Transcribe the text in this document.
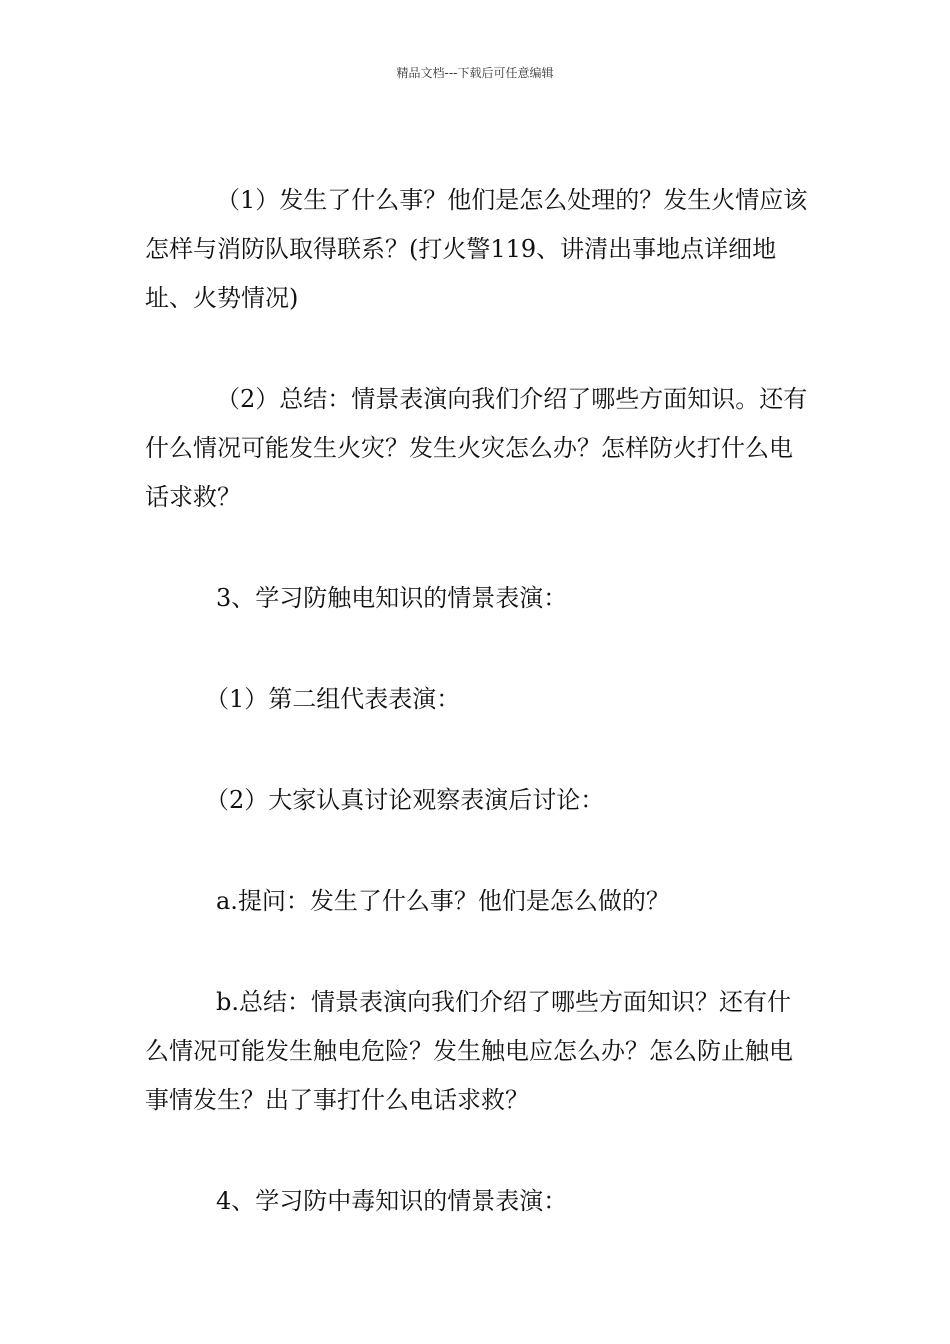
精品文档---下载后可任意编辑

（1）发生了什么事？他们是怎么处理的？发生火情应该怎样与消防队取得联系？(打火警119、讲清出事地点详细地址、火势情况)

（2）总结：情景表演向我们介绍了哪些方面知识。还有什么情况可能发生火灾？发生火灾怎么办？怎样防火打什么电话求救？

3、学习防触电知识的情景表演：

（1）第二组代表表演：

（2）大家认真讨论观察表演后讨论：

a.提问：发生了什么事？他们是怎么做的？

b.总结：情景表演向我们介绍了哪些方面知识？还有什么情况可能发生触电危险？发生触电应怎么办？怎么防止触电事情发生？出了事打什么电话求救？

4、学习防中毒知识的情景表演：
